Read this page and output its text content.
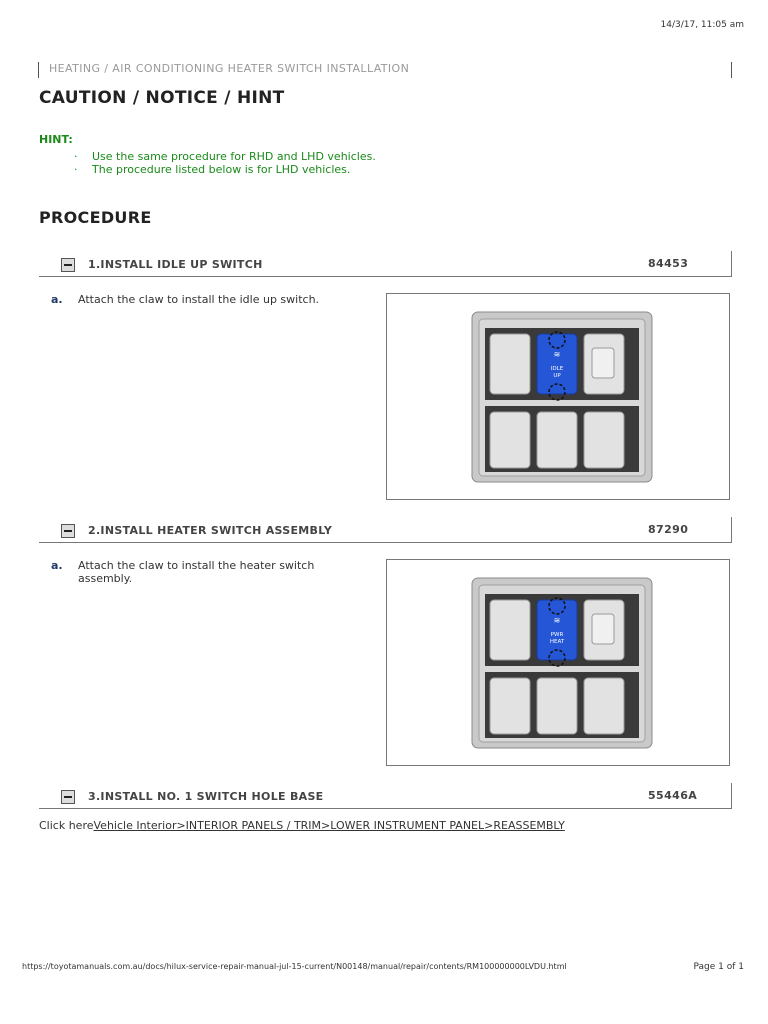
14/3/17, 11:05 am
HEATING / AIR CONDITIONING HEATER SWITCH INSTALLATION
CAUTION / NOTICE / HINT
HINT:
· Use the same procedure for RHD and LHD vehicles.
· The procedure listed below is for LHD vehicles.
PROCEDURE
1.INSTALL IDLE UP SWITCH	84453
a. Attach the claw to install the idle up switch.
≋
IDLE
UP
2.INSTALL HEATER SWITCH ASSEMBLY	87290
a. Attach the claw to install the heater switch assembly.
≋
PWR
HEAT
3.INSTALL NO. 1 SWITCH HOLE BASE	55446A
Click hereVehicle Interior>INTERIOR PANELS / TRIM>LOWER INSTRUMENT PANEL>REASSEMBLY
https://toyotamanuals.com.au/docs/hilux-service-repair-manual-jul-15-current/N00148/manual/repair/contents/RM100000000LVDU.html	Page 1 of 1
